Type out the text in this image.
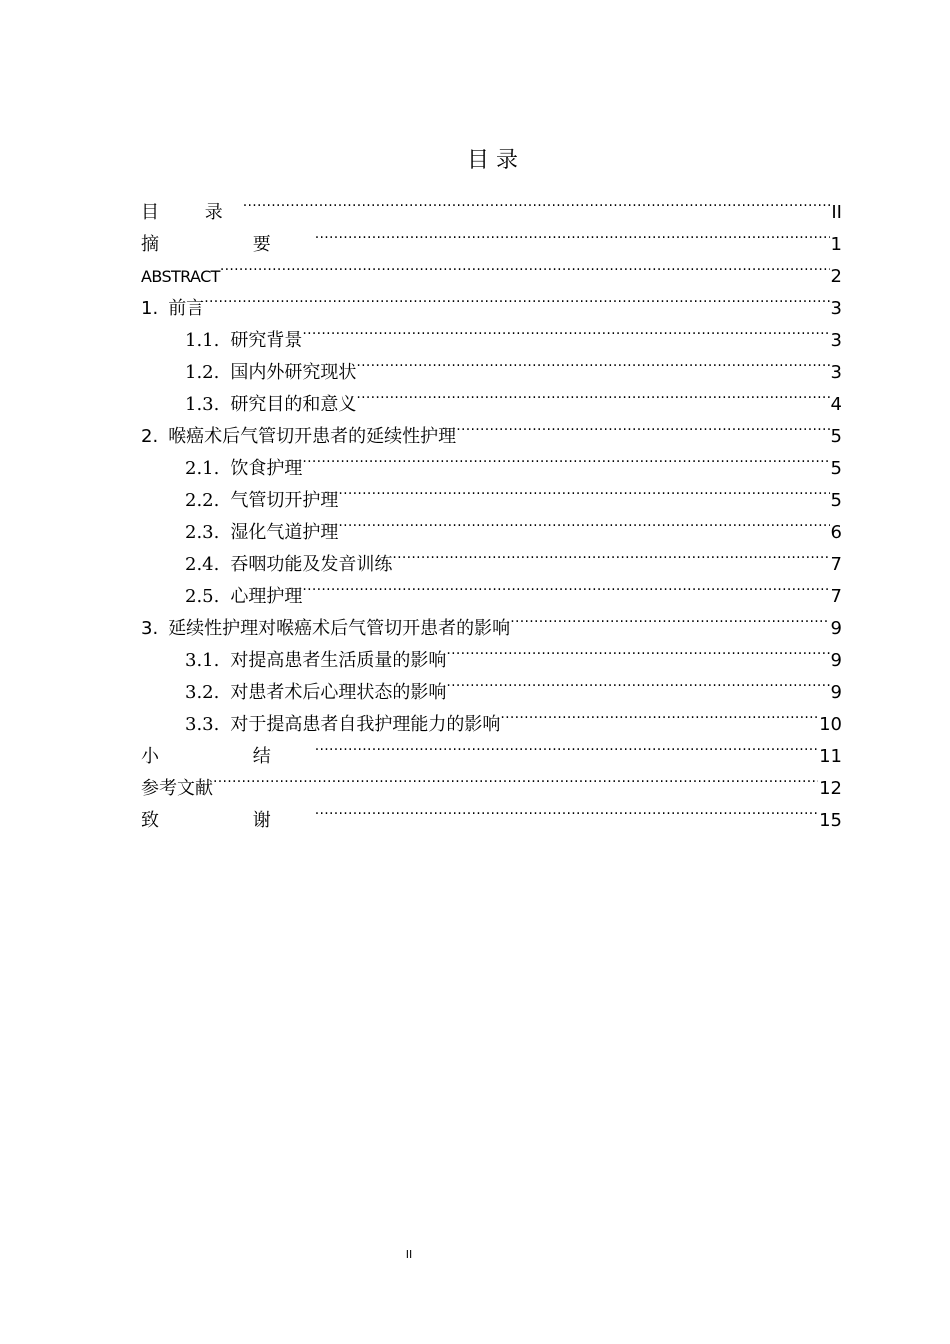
目 录
目 录 .....	II
摘 要 .....	1
ABSTRACT .....	2
1. 前言 .....	3
1.1. 研究背景 .....	3
1.2. 国内外研究现状 .....	3
1.3. 研究目的和意义 .....	4
2. 喉癌术后气管切开患者的延续性护理 .....	5
2.1. 饮食护理 .....	5
2.2. 气管切开护理 .....	5
2.3. 湿化气道护理 .....	6
2.4. 吞咽功能及发音训练 .....	7
2.5. 心理护理 .....	7
3. 延续性护理对喉癌术后气管切开患者的影响 .....	9
3.1. 对提高患者生活质量的影响 .....	9
3.2. 对患者术后心理状态的影响 .....	9
3.3. 对于提高患者自我护理能力的影响 .....	10
小 结 .....	11
参考文献 .....	12
致 谢 .....	15
II
